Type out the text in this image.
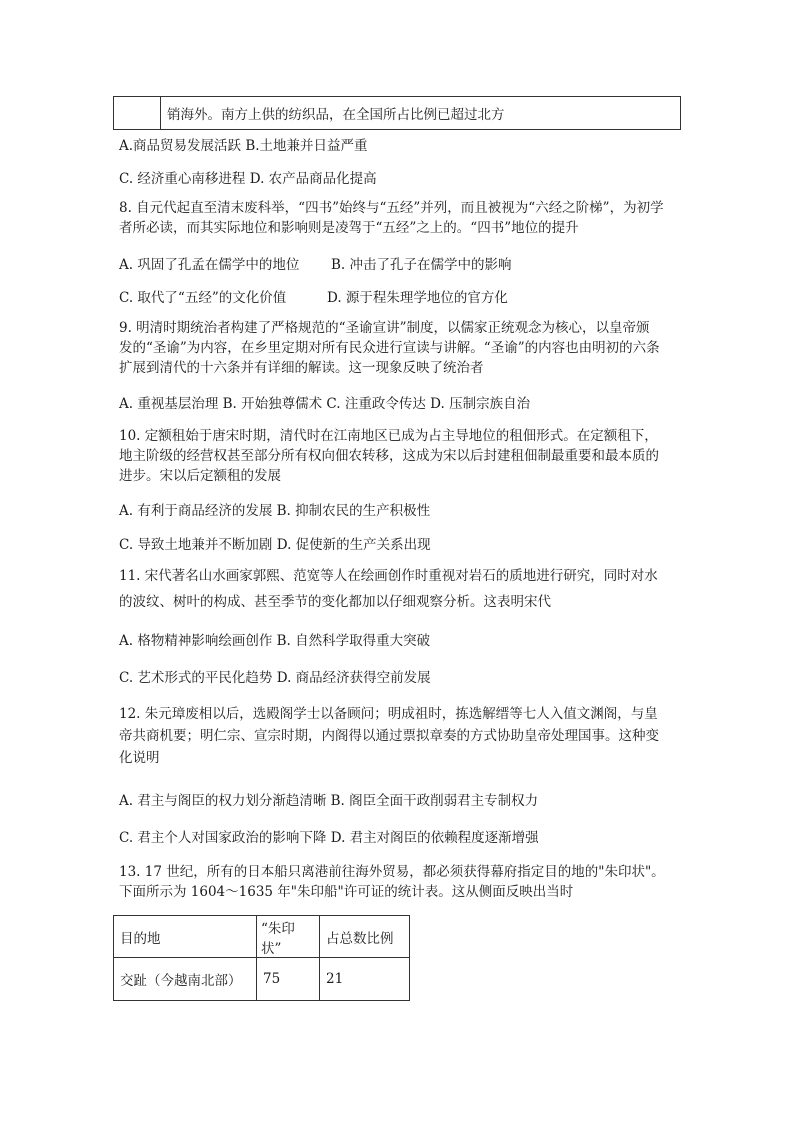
	销海外。南方上供的纺织品，在全国所占比例已超过北方
A.商品贸易发展活跃 B.土地兼并日益严重
C. 经济重心南移进程 D. 农产品商品化提高
8. 自元代起直至清末废科举，“四书”始终与“五经”并列，而且被视为“六经之阶梯”，为初学
者所必读，而其实际地位和影响则是凌驾于“五经”之上的。“四书”地位的提升
A. 巩固了孔孟在儒学中的地位 B. 冲击了孔子在儒学中的影响
C. 取代了“五经”的文化价值	D. 源于程朱理学地位的官方化
9. 明清时期统治者构建了严格规范的“圣谕宣讲”制度，以儒家正统观念为核心，以皇帝颁
发的“圣谕”为内容，在乡里定期对所有民众进行宣读与讲解。“圣谕”的内容也由明初的六条
扩展到清代的十六条并有详细的解读。这一现象反映了统治者
A. 重视基层治理 B. 开始独尊儒术 C. 注重政令传达 D. 压制宗族自治
10. 定额租始于唐宋时期，清代时在江南地区已成为占主导地位的租佃形式。在定额租下，
地主阶级的经营权甚至部分所有权向佃农转移，这成为宋以后封建租佃制最重要和最本质的
进步。宋以后定额租的发展
A. 有利于商品经济的发展 B. 抑制农民的生产积极性
C. 导致土地兼并不断加剧 D. 促使新的生产关系出现
11. 宋代著名山水画家郭熙、范宽等人在绘画创作时重视对岩石的质地进行研究，同时对水
的波纹、树叶的构成、甚至季节的变化都加以仔细观察分析。这表明宋代
A. 格物精神影响绘画创作 B. 自然科学取得重大突破
C. 艺术形式的平民化趋势 D. 商品经济获得空前发展
12. 朱元璋废相以后，选殿阁学士以备顾问；明成祖时，拣选解缙等七人入值文渊阁，与皇
帝共商机要；明仁宗、宣宗时期，内阁得以通过票拟章奏的方式协助皇帝处理国事。这种变
化说明
A. 君主与阁臣的权力划分渐趋清晰 B. 阁臣全面干政削弱君主专制权力
C. 君主个人对国家政治的影响下降 D. 君主对阁臣的依赖程度逐渐增强
13. 17 世纪，所有的日本船只离港前往海外贸易，都必须获得幕府指定目的地的"朱印状"。
下面所示为 1604～1635 年"朱印船"许可证的统计表。这从侧面反映出当时
目的地	“朱印状”	占总数比例
交趾（今越南北部）	75	21
